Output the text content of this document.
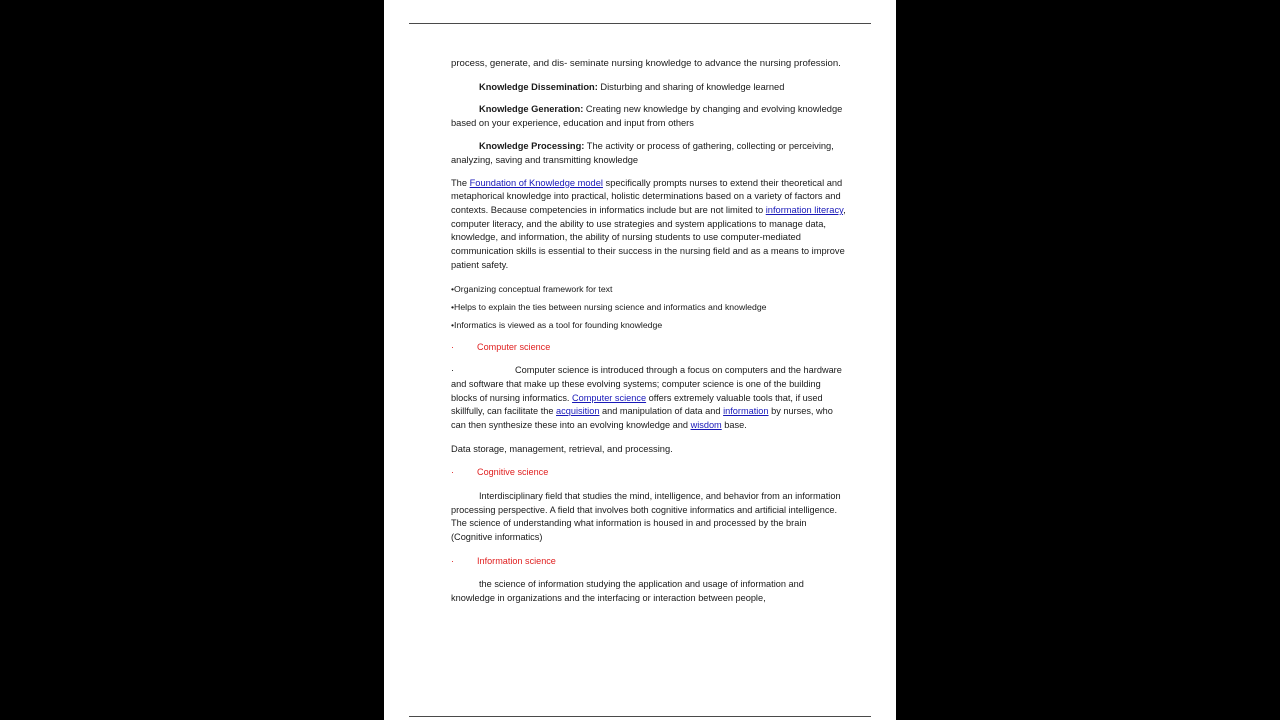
process, generate, and dis- seminate nursing knowledge to advance the nursing profession.

Knowledge Dissemination: Disturbing and sharing of knowledge learned

Knowledge Generation: Creating new knowledge by changing and evolving knowledge based on your experience, education and input from others

Knowledge Processing: The activity or process of gathering, collecting or perceiving, analyzing, saving and transmitting knowledge

The Foundation of Knowledge model specifically prompts nurses to extend their theoretical and metaphorical knowledge into practical, holistic determinations based on a variety of factors and contexts. Because competencies in informatics include but are not limited to information literacy, computer literacy, and the ability to use strategies and system applications to manage data, knowledge, and information, the ability of nursing students to use computer-mediated communication skills is essential to their success in the nursing field and as a means to improve patient safety.

•Organizing conceptual framework for text

•Helps to explain the ties between nursing science and informatics and knowledge

•Informatics is viewed as a tool for founding knowledge

·	Computer science

·	Computer science is introduced through a focus on computers and the hardware and software that make up these evolving systems; computer science is one of the building blocks of nursing informatics. Computer science offers extremely valuable tools that, if used skillfully, can facilitate the acquisition and manipulation of data and information by nurses, who can then synthesize these into an evolving knowledge and wisdom base.

Data storage, management, retrieval, and processing.

·	Cognitive science

Interdisciplinary field that studies the mind, intelligence, and behavior from an information processing perspective. A field that involves both cognitive informatics and artificial intelligence. The science of understanding what information is housed in and processed by the brain (Cognitive informatics)

·	Information science

the science of information studying the application and usage of information and knowledge in organizations and the interfacing or interaction between people,
